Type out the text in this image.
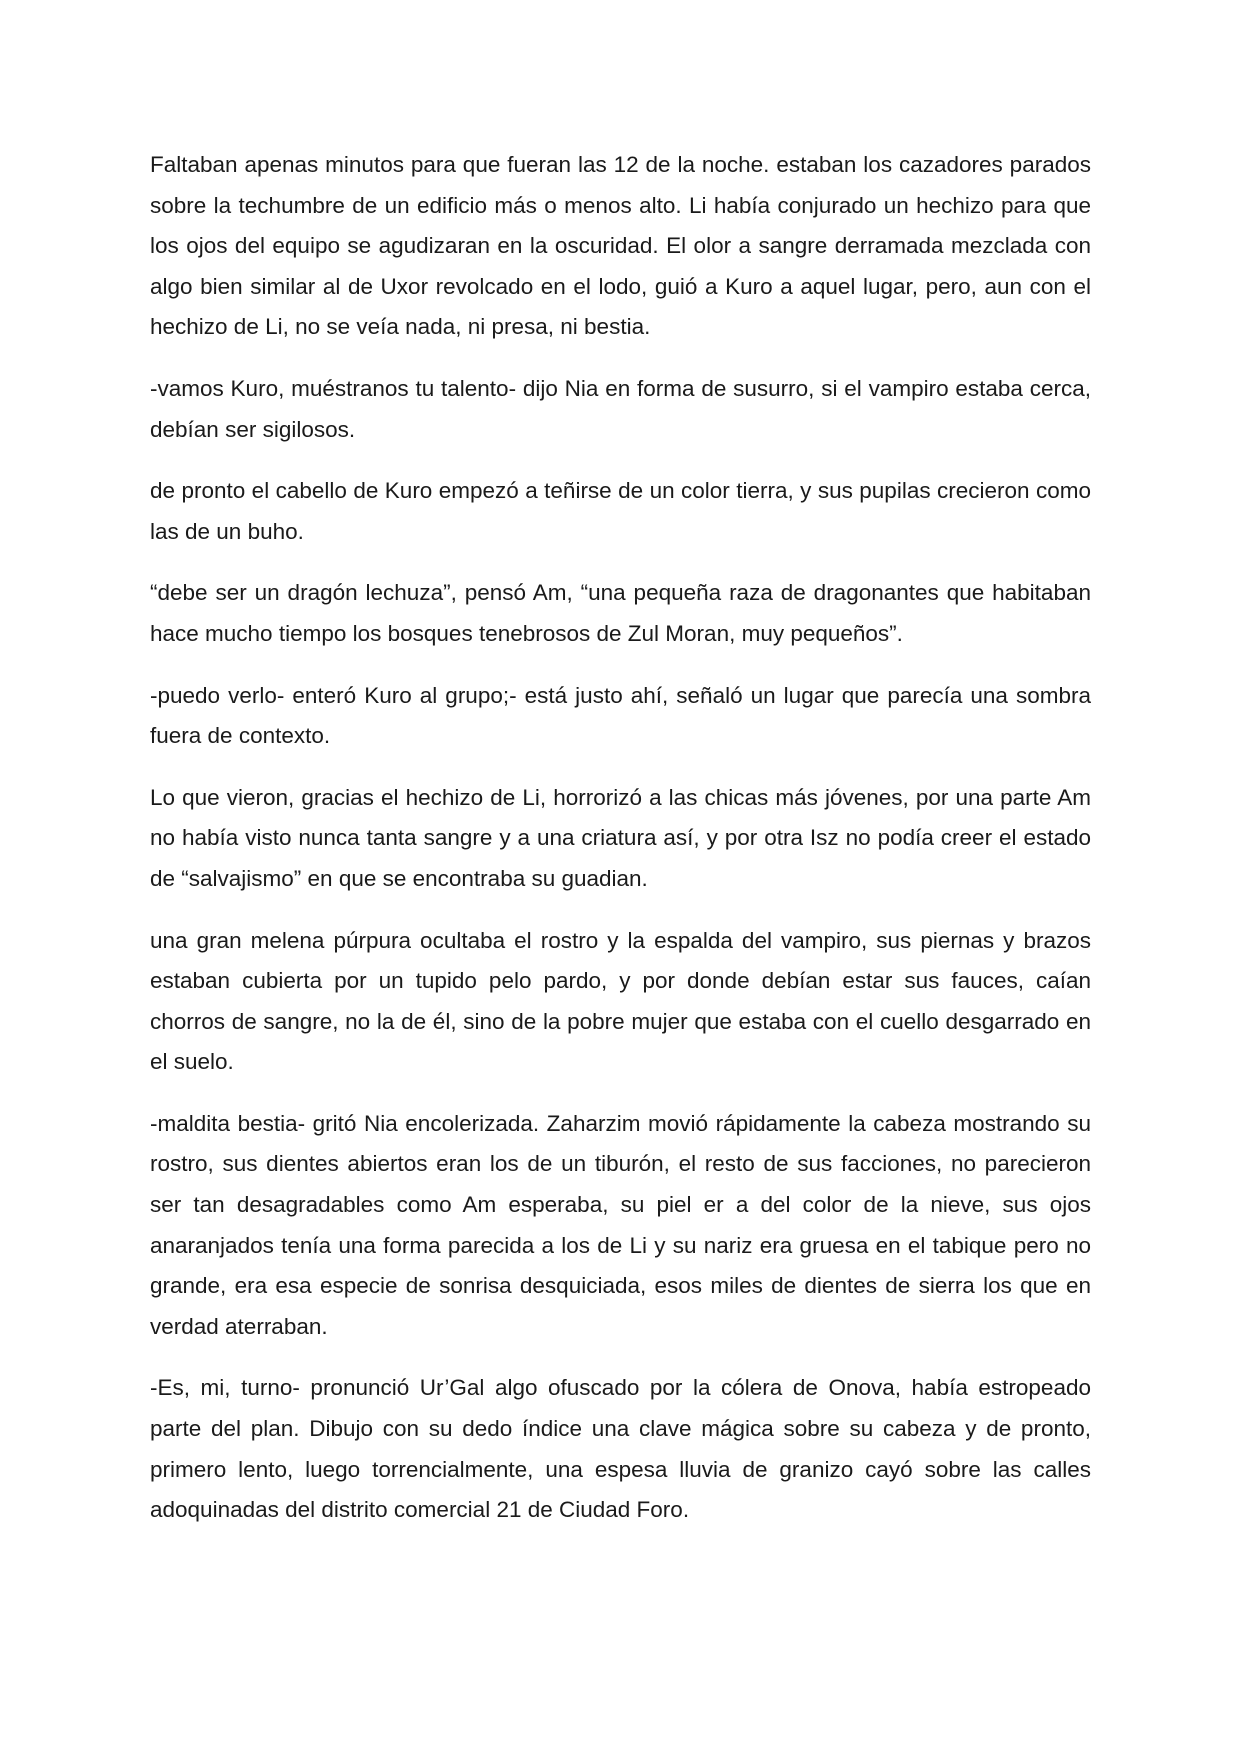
Faltaban apenas minutos para que fueran las 12 de la noche. estaban los cazadores parados sobre la techumbre de un edificio más o menos alto. Li había conjurado un hechizo para que los ojos del equipo se agudizaran en la oscuridad. El olor a sangre derramada mezclada con algo bien similar al de Uxor revolcado en el lodo, guió a Kuro a aquel lugar, pero, aun con el hechizo de Li, no se veía nada, ni presa, ni bestia.

-vamos Kuro, muéstranos tu talento- dijo Nia en forma de susurro, si el vampiro estaba cerca, debían ser sigilosos.

de pronto el cabello de Kuro empezó a teñirse de un color tierra, y sus pupilas crecieron como las de un buho.

“debe ser un dragón lechuza”, pensó Am, “una pequeña raza de dragonantes que habitaban hace mucho tiempo los bosques tenebrosos de Zul Moran, muy pequeños”.

-puedo verlo- enteró Kuro al grupo;- está justo ahí, señaló un lugar que parecía una sombra fuera de contexto.

Lo que vieron, gracias el hechizo de Li, horrorizó a las chicas más jóvenes, por una parte Am no había visto nunca tanta sangre y a una criatura así, y por otra Isz no podía creer el estado de “salvajismo” en que se encontraba su guadian.

una gran melena púrpura ocultaba el rostro y la espalda del vampiro, sus piernas y brazos estaban cubierta por un tupido pelo pardo, y por donde debían estar sus fauces, caían chorros de sangre, no la de él, sino de la pobre mujer que estaba con el cuello desgarrado en el suelo.

-maldita bestia- gritó Nia encolerizada. Zaharzim movió rápidamente la cabeza mostrando su rostro, sus dientes abiertos eran los de un tiburón, el resto de sus facciones, no parecieron ser tan desagradables como Am esperaba, su piel er a del color de la nieve, sus ojos anaranjados tenía una forma parecida a los de Li y su nariz era gruesa en el tabique pero no grande, era esa especie de sonrisa desquiciada, esos miles de dientes de sierra los que en verdad aterraban.

-Es, mi, turno- pronunció Ur’Gal algo ofuscado por la cólera de Onova, había estropeado parte del plan. Dibujo con su dedo índice una clave mágica sobre su cabeza y de pronto, primero lento, luego torrencialmente, una espesa lluvia de granizo cayó sobre las calles adoquinadas del distrito comercial 21 de Ciudad Foro.
